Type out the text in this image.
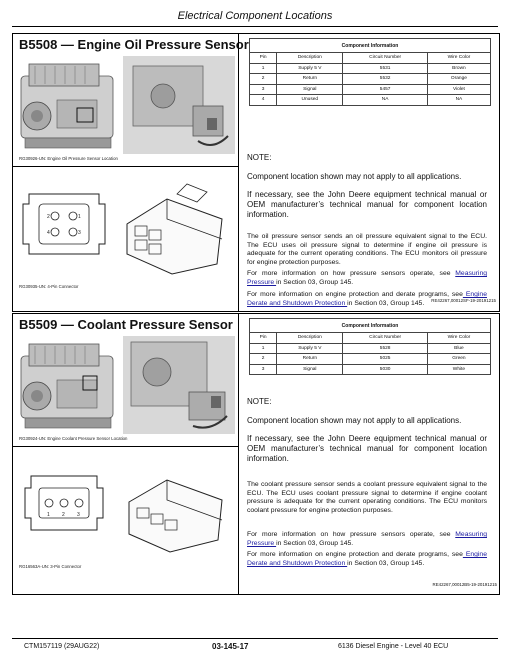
Electrical Component Locations
B5508 — Engine Oil Pressure Sensor
RG30926-UN: Engine Oil Pressure Sensor Location
2	1
4	3
RG30935-UN: 4-Pin Connector
Component Information			
Pin	Description	Circuit Number	Wire Color
1	Supply 5 V	5531	Brown
2	Return	5532	Orange
3	Signal	5457	Violet
4	Unused	NA	NA
NOTE:
Component location shown may not apply to all applications.
If necessary, see the John Deere equipment technical manual or OEM manufacturer’s technical manual for component location information.
The oil pressure sensor sends an oil pressure equivalent signal to the ECU. The ECU uses oil pressure signal to determine if engine oil pressure is adequate for the current operating conditions. The ECU monitors oil pressure for engine protection purposes.
For more information on how pressure sensors operate, see Measuring Pressure in Section 03, Group 145.
For more information on engine protection and derate programs, see Engine Derate and Shutdown Protection in Section 03, Group 145.	RE42267,00012SF-19-20191215
B5509 — Coolant Pressure Sensor
RG30924-UN: Engine Coolant Pressure Sensor Location
1 2 3
RG16563A-UN: 3-Pin Connector
Component Information			
Pin	Description	Circuit Number	Wire Color
1	Supply 5 V	5528	Blue
2	Return	5025	Green
3	Signal	5030	White
NOTE:
Component location shown may not apply to all applications.
If necessary, see the John Deere equipment technical manual or OEM manufacturer’s technical manual for component location information.
The coolant pressure sensor sends a coolant pressure equivalent signal to the ECU. The ECU uses coolant pressure signal to determine if engine coolant pressure is adequate for the current operating conditions. The ECU monitors coolant pressure for engine protection purposes.
For more information on how pressure sensors operate, see Measuring Pressure in Section 03, Group 145.
For more information on engine protection and derate programs, see Engine Derate and Shutdown Protection in Section 03, Group 145.
RE42267,00012B5-19-20191215
CTM157119 (29AUG22)	03-145-17	6136 Diesel Engine - Level 40 ECU
